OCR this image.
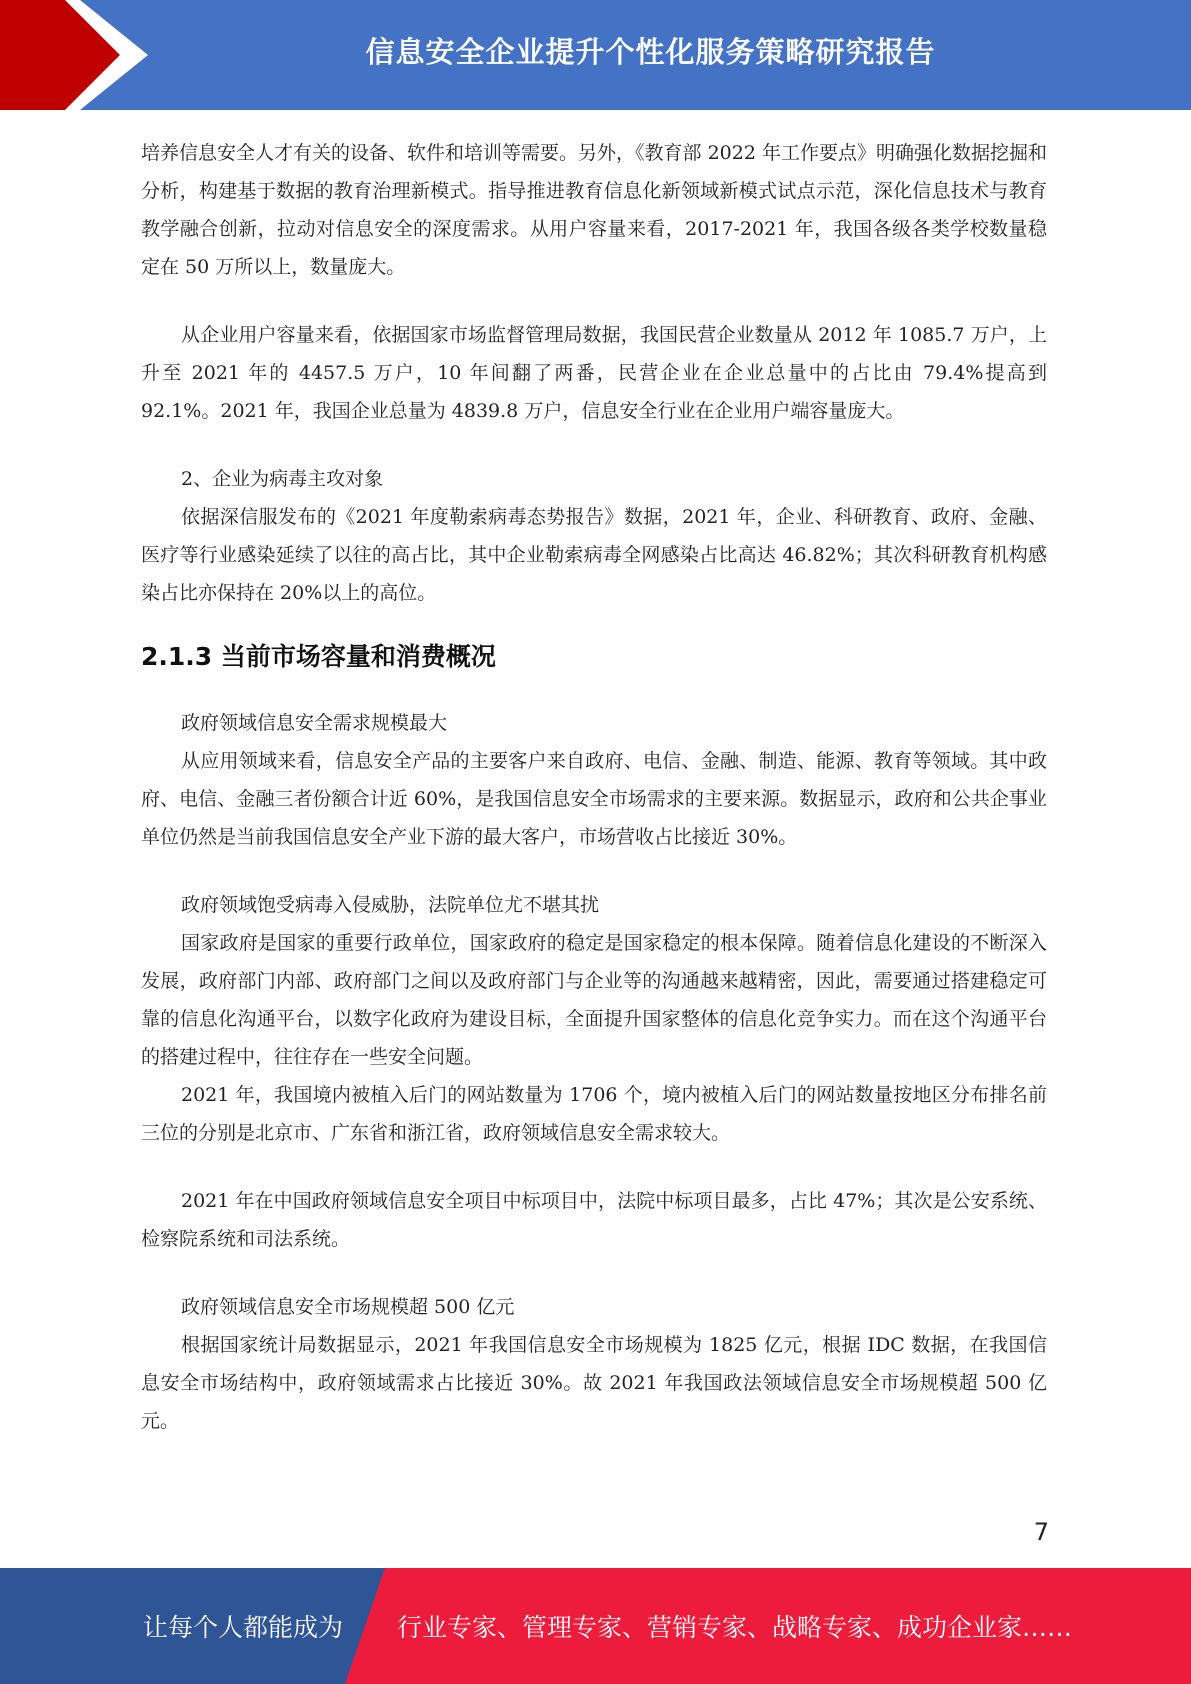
信息安全企业提升个性化服务策略研究报告

培养信息安全人才有关的设备、软件和培训等需要。另外，《教育部 2022 年工作要点》明确强化数据挖掘和分析，构建基于数据的教育治理新模式。指导推进教育信息化新领域新模式试点示范，深化信息技术与教育教学融合创新，拉动对信息安全的深度需求。从用户容量来看，2017-2021 年，我国各级各类学校数量稳定在 50 万所以上，数量庞大。

从企业用户容量来看，依据国家市场监督管理局数据，我国民营企业数量从 2012 年 1085.7 万户，上升至 2021 年的 4457.5 万户，10 年间翻了两番，民营企业在企业总量中的占比由 79.4%提高到 92.1%。2021 年，我国企业总量为 4839.8 万户，信息安全行业在企业用户端容量庞大。

2、企业为病毒主攻对象

依据深信服发布的《2021 年度勒索病毒态势报告》数据，2021 年，企业、科研教育、政府、金融、医疗等行业感染延续了以往的高占比，其中企业勒索病毒全网感染占比高达 46.82%；其次科研教育机构感染占比亦保持在 20%以上的高位。

2.1.3 当前市场容量和消费概况

政府领域信息安全需求规模最大

从应用领域来看，信息安全产品的主要客户来自政府、电信、金融、制造、能源、教育等领域。其中政府、电信、金融三者份额合计近 60%，是我国信息安全市场需求的主要来源。数据显示，政府和公共企事业单位仍然是当前我国信息安全产业下游的最大客户，市场营收占比接近 30%。

政府领域饱受病毒入侵威胁，法院单位尤不堪其扰

国家政府是国家的重要行政单位，国家政府的稳定是国家稳定的根本保障。随着信息化建设的不断深入发展，政府部门内部、政府部门之间以及政府部门与企业等的沟通越来越精密，因此，需要通过搭建稳定可靠的信息化沟通平台，以数字化政府为建设目标，全面提升国家整体的信息化竞争实力。而在这个沟通平台的搭建过程中，往往存在一些安全问题。

2021 年，我国境内被植入后门的网站数量为 1706 个，境内被植入后门的网站数量按地区分布排名前三位的分别是北京市、广东省和浙江省，政府领域信息安全需求较大。

2021 年在中国政府领域信息安全项目中标项目中，法院中标项目最多，占比 47%；其次是公安系统、检察院系统和司法系统。

政府领域信息安全市场规模超 500 亿元

根据国家统计局数据显示，2021 年我国信息安全市场规模为 1825 亿元，根据 IDC 数据，在我国信息安全市场结构中，政府领域需求占比接近 30%。故 2021 年我国政法领域信息安全市场规模超 500 亿元。

7
让每个人都能成为 行业专家、管理专家、营销专家、战略专家、成功企业家……
